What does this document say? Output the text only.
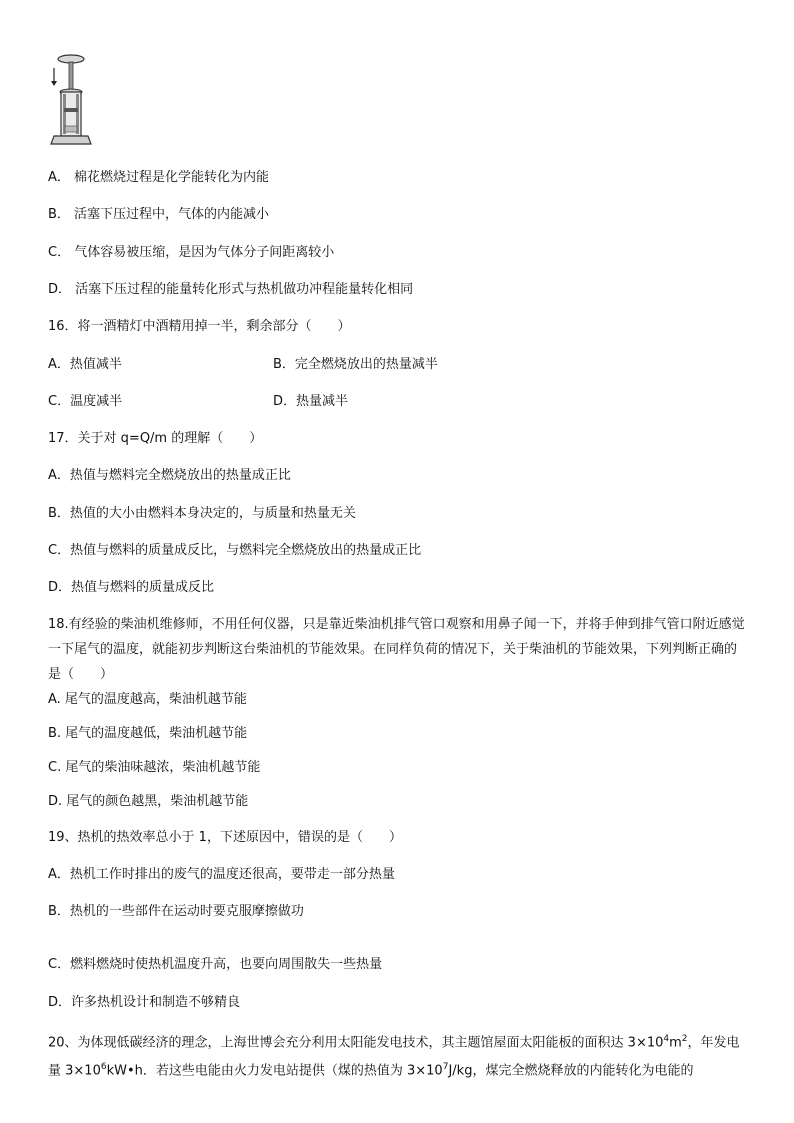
A． 棉花燃烧过程是化学能转化为内能
B． 活塞下压过程中，气体的内能减小
C． 气体容易被压缩，是因为气体分子间距离较小
D． 活塞下压过程的能量转化形式与热机做功冲程能量转化相同
16．将一酒精灯中酒精用掉一半，剩余部分（　　）
A．热值减半	B．完全燃烧放出的热量减半
C．温度减半	D．热量减半
17．关于对 q=Q/m 的理解（　　）
A．热值与燃料完全燃烧放出的热量成正比
B．热值的大小由燃料本身决定的，与质量和热量无关
C．热值与燃料的质量成反比，与燃料完全燃烧放出的热量成正比
D．热值与燃料的质量成反比
18.有经验的柴油机维修师，不用任何仪器，只是靠近柴油机排气管口观察和用鼻子闻一下，并将手伸到排气管口附近感觉一下尾气的温度，就能初步判断这台柴油机的节能效果。在同样负荷的情况下，关于柴油机的节能效果，下列判断正确的是（　　）
A. 尾气的温度越高，柴油机越节能
B. 尾气的温度越低，柴油机越节能
C. 尾气的柴油味越浓，柴油机越节能
D. 尾气的颜色越黑，柴油机越节能
19、热机的热效率总小于 1，下述原因中，错误的是（　　）
A．热机工作时排出的废气的温度还很高，要带走一部分热量
B．热机的一些部件在运动时要克服摩擦做功
C．燃料燃烧时使热机温度升高，也要向周围散失一些热量
D．许多热机设计和制造不够精良
20、为体现低碳经济的理念，上海世博会充分利用太阳能发电技术，其主题馆屋面太阳能板的面积达 $3\times 10^4m^2$，年发电量 $3\times 10^6kW•h$．若这些电能由火力发电站提供（煤的热值为 $3\times 10^7J/kg$，煤完全燃烧释放的内能转化为电能的
